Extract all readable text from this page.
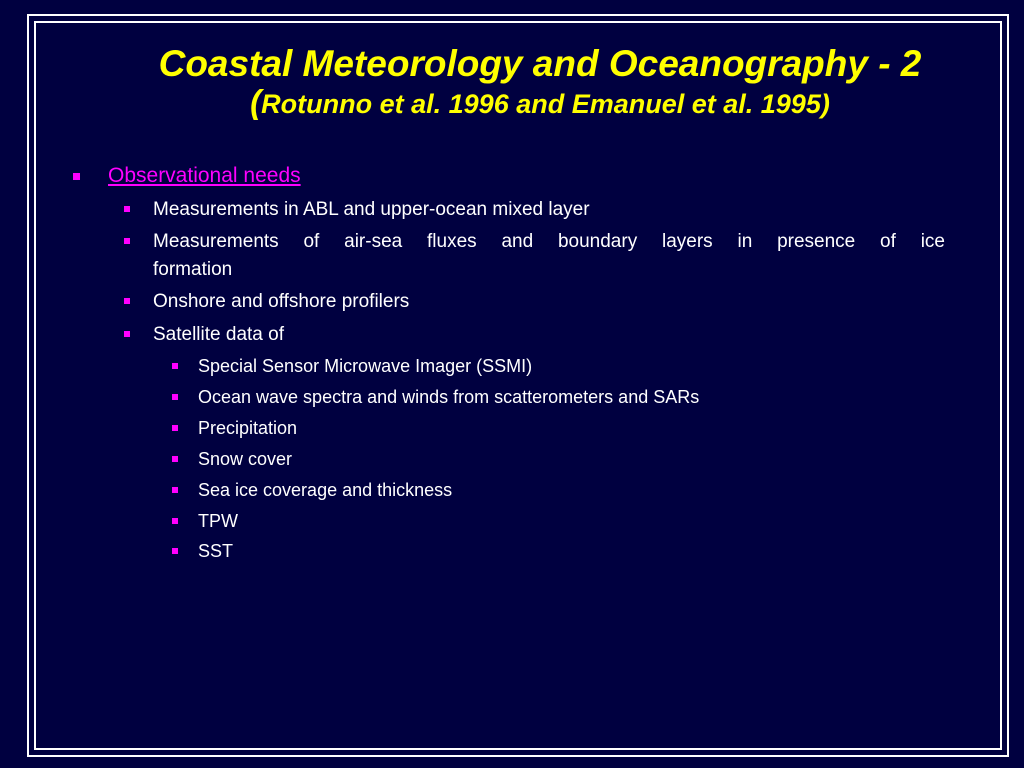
Coastal Meteorology and Oceanography - 2
(Rotunno et al. 1996 and Emanuel et al. 1995)
Observational needs
Measurements in ABL and upper-ocean mixed layer
Measurements of air-sea fluxes and boundary layers in presence of ice
formation
Onshore and offshore profilers
Satellite data of
Special Sensor Microwave Imager (SSMI)
Ocean wave spectra and winds from scatterometers and SARs
Precipitation
Snow cover
Sea ice coverage and thickness
TPW
SST
